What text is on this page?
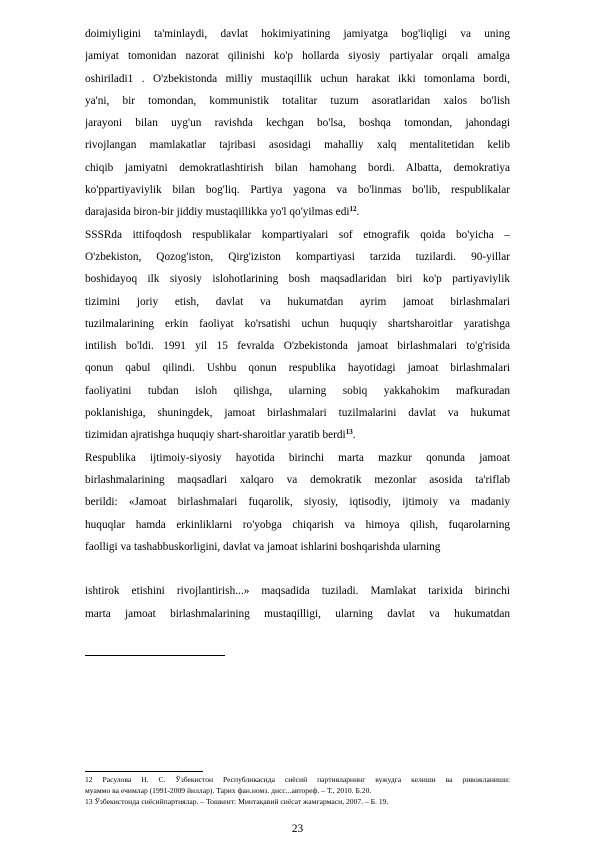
doimiyligini ta'minlaydi, davlat hokimiyatining jamiyatga bog'liqligi va uning
jamiyat tomonidan nazorat qilinishi ko'p hollarda siyosiy partiyalar orqali amalga
oshiriladi1 . O'zbekistonda milliy mustaqillik uchun harakat ikki tomonlama bordi,
ya'ni, bir tomondan, kommunistik totalitar tuzum asoratlaridan xalos bo'lish
jarayoni bilan uyg'un ravishda kechgan bo'lsa, boshqa tomondan, jahondagi
rivojlangan mamlakatlar tajribasi asosidagi mahalliy xalq mentalitetidan kelib
chiqib jamiyatni demokratlashtirish bilan hamohang bordi. Albatta, demokratiya
ko'ppartiyaviylik bilan bog'liq. Partiya yagona va bo'linmas bo'lib, respublikalar
darajasida biron-bir jiddiy mustaqillikka yo'l qo'yilmas edi$^{12}$.
SSSRda ittifoqdosh respublikalar kompartiyalari sof etnografik qoida bo'yicha –
O'zbekiston, Qozog'iston, Qirg'iziston kompartiyasi tarzida tuzilardi. 90-yillar
boshidayoq ilk siyosiy islohotlarining bosh maqsadlaridan biri ko'p partiyaviylik
tizimini joriy etish, davlat va hukumatdan ayrim jamoat birlashmalari
tuzilmalarining erkin faoliyat ko'rsatishi uchun huquqiy shartsharoitlar yaratishga
intilish bo'ldi. 1991 yil 15 fevralda O'zbekistonda jamoat birlashmalari to'g'risida
qonun qabul qilindi. Ushbu qonun respublika hayotidagi jamoat birlashmalari
faoliyatini tubdan isloh qilishga, ularning sobiq yakkahokim mafkuradan
poklanishiga, shuningdek, jamoat birlashmalari tuzilmalarini davlat va hukumat
tizimidan ajratishga huquqiy shart-sharoitlar yaratib berdi$^{13}$.
Respublika ijtimoiy-siyosiy hayotida birinchi marta mazkur qonunda jamoat
birlashmalarining maqsadlari xalqaro va demokratik mezonlar asosida ta'riflab
berildi: «Jamoat birlashmalari fuqarolik, siyosiy, iqtisodiy, ijtimoiy va madaniy
huquqlar hamda erkinliklarni ro'yobga chiqarish va himoya qilish, fuqarolarning
faolligi va tashabbuskorligini, davlat va jamoat ishlarini boshqarishda ularning
ishtirok etishini rivojlantirish...» maqsadida tuziladi. Mamlakat tarixida birinchi
marta jamoat birlashmalarining mustaqilligi, ularning davlat va hukumatdan
12 Расулова Н. С. Ўзбекистон Республикасида сиёсий партияларнинг вужудга келиши ва ривожланиши:
муаммо ва ечимлар (1991-2009 йиллар). Тарих фан.номз. дисс...автореф. – Т., 2010. Б.20.
13 Ўзбекистонда сиёсийпартиялар. – Тошкент: Минтақавий сиёсат жамғармаси, 2007. – Б. 19.
23
